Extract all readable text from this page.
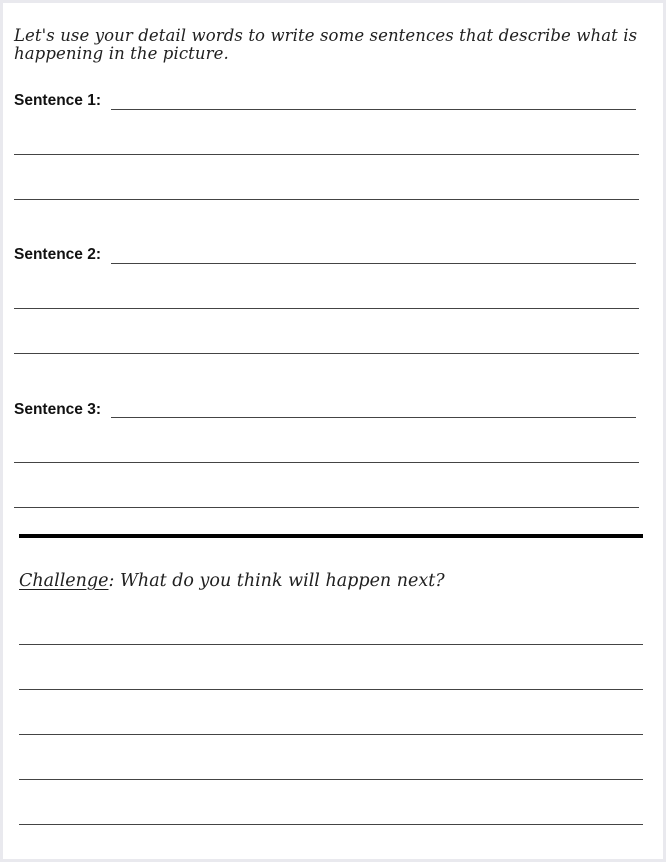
Let's use your detail words to write some sentences that describe what is happening in the picture.

Sentence 1:
Sentence 2:
Sentence 3:

Challenge: What do you think will happen next?
